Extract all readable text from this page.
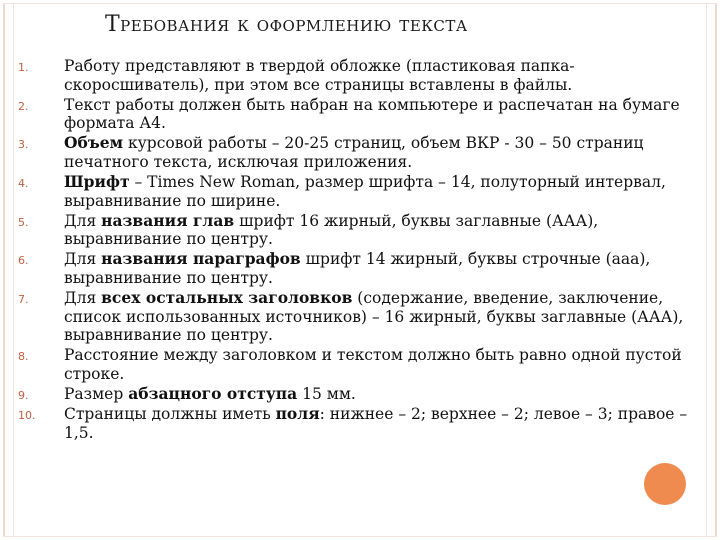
Требования к оформлению текста
1.	Работу представляют в твердой обложке (пластиковая папка-скоросшиватель), при этом все страницы вставлены в файлы.
2.	Текст работы должен быть набран на компьютере и распечатан на бумаге формата А4.
3.	Объем курсовой работы – 20-25 страниц, объем ВКР - 30 – 50 страниц печатного текста, исключая приложения.
4.	Шрифт – Times New Roman, размер шрифта – 14, полуторный интервал, выравнивание по ширине.
5.	Для названия глав шрифт 16 жирный, буквы заглавные (ААА), выравнивание по центру.
6.	Для названия параграфов шрифт 14 жирный, буквы строчные (ааа), выравнивание по центру.
7.	Для всех остальных заголовков (содержание, введение, заключение, список использованных источников) – 16 жирный, буквы заглавные (ААА), выравнивание по центру.
8.	Расстояние между заголовком и текстом должно быть равно одной пустой строке.
9.	Размер абзацного отступа 15 мм.
10.	Страницы должны иметь поля: нижнее – 2; верхнее – 2; левое – 3; правое – 1,5.
